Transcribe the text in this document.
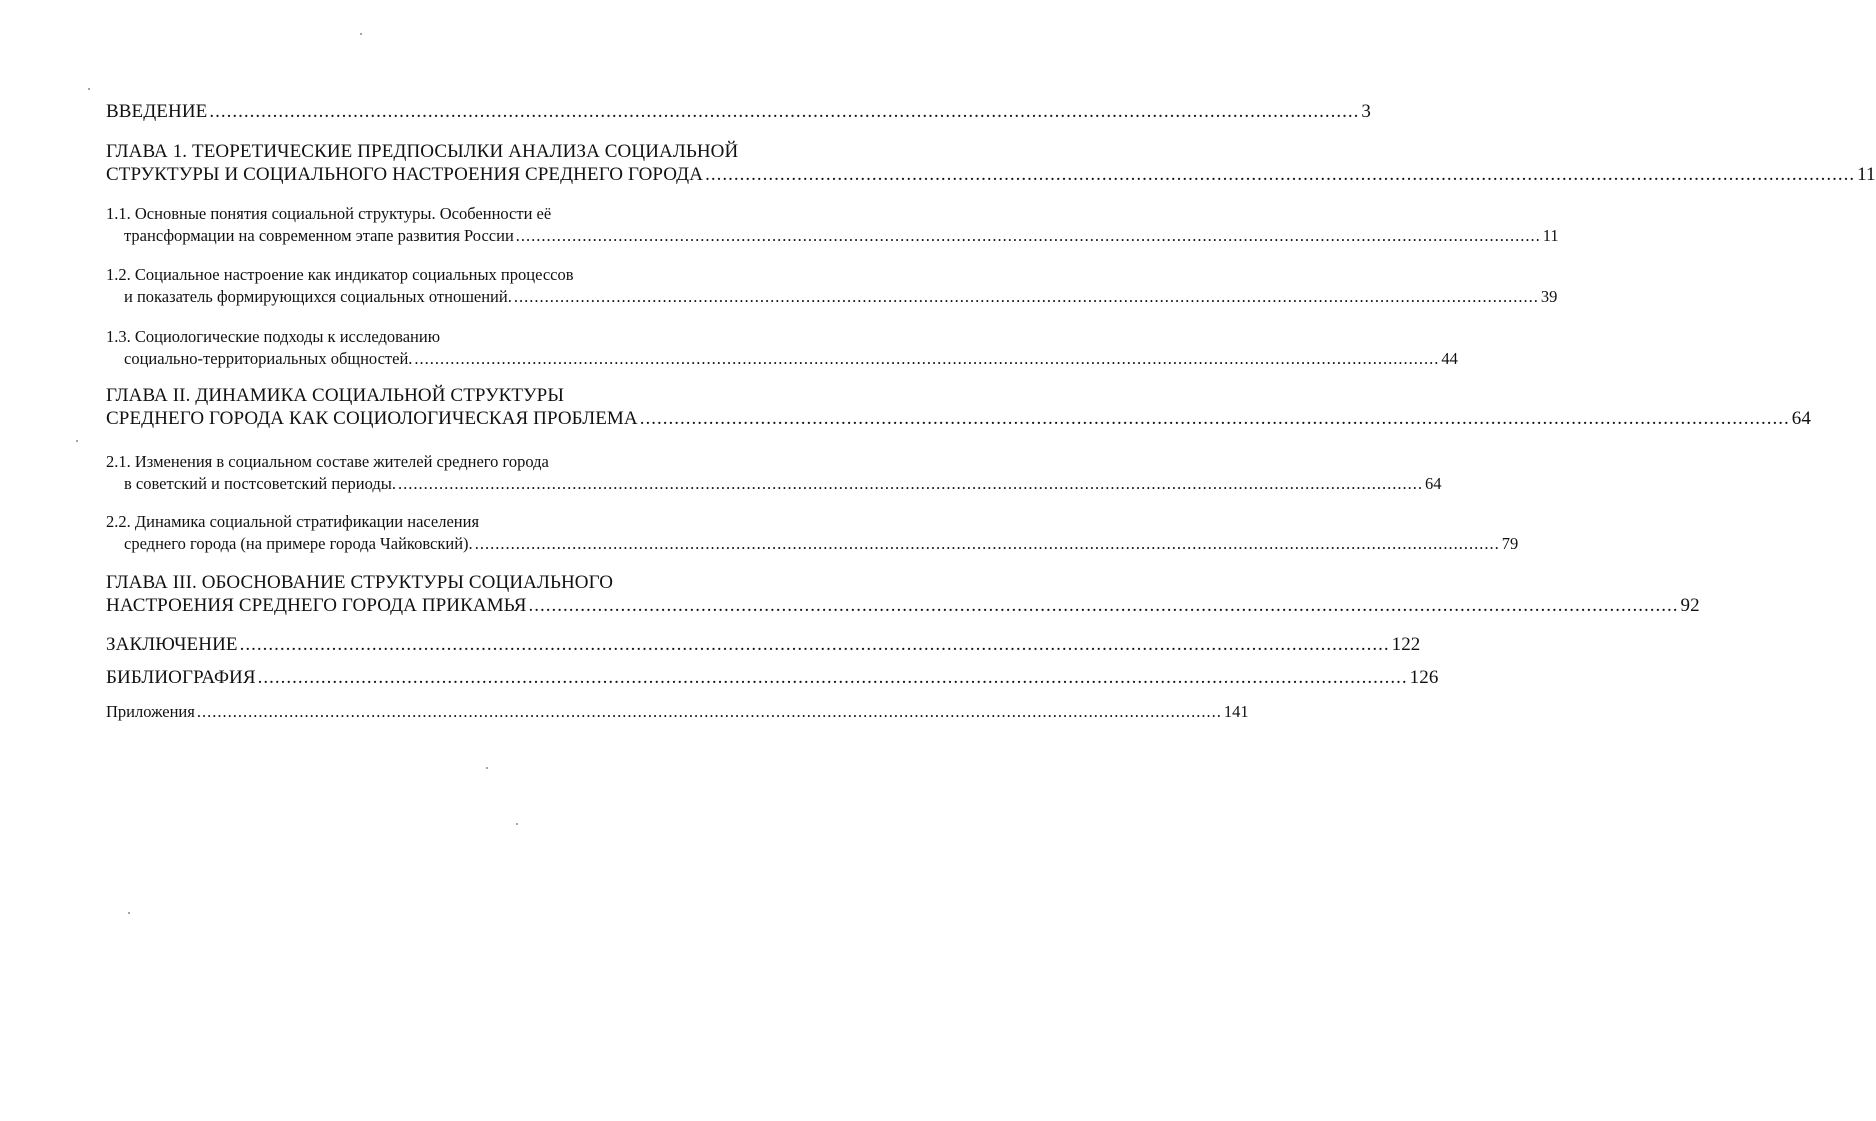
ВВЕДЕНИЕ ........................................................................................................................................................................................................ 3
ГЛАВА 1. ТЕОРЕТИЧЕСКИЕ ПРЕДПОСЫЛКИ АНАЛИЗА СОЦИАЛЬНОЙ
СТРУКТУРЫ И СОЦИАЛЬНОГО НАСТРОЕНИЯ СРЕДНЕГО ГОРОДА ........................................................................................................................................................................................................ 11
1.1. Основные понятия социальной структуры. Особенности её
трансформации на современном этапе развития России ........................................................................................................................................................................................................ 11
1.2. Социальное настроение как индикатор социальных процессов
и показатель формирующихся социальных отношений. ........................................................................................................................................................................................................ 39
1.3. Социологические подходы к исследованию
социально-территориальных общностей. ........................................................................................................................................................................................................ 44
ГЛАВА II. ДИНАМИКА СОЦИАЛЬНОЙ СТРУКТУРЫ
СРЕДНЕГО ГОРОДА КАК СОЦИОЛОГИЧЕСКАЯ ПРОБЛЕМА ........................................................................................................................................................................................................ 64
2.1. Изменения в социальном составе жителей среднего города
в советский и постсоветский периоды. ........................................................................................................................................................................................................ 64
2.2. Динамика социальной стратификации населения
среднего города (на примере города Чайковский). ........................................................................................................................................................................................................ 79
ГЛАВА III. ОБОСНОВАНИЕ СТРУКТУРЫ СОЦИАЛЬНОГО
НАСТРОЕНИЯ СРЕДНЕГО ГОРОДА ПРИКАМЬЯ ........................................................................................................................................................................................................ 92
ЗАКЛЮЧЕНИЕ ........................................................................................................................................................................................................ 122
БИБЛИОГРАФИЯ ........................................................................................................................................................................................................ 126
Приложения ........................................................................................................................................................................................................ 141
